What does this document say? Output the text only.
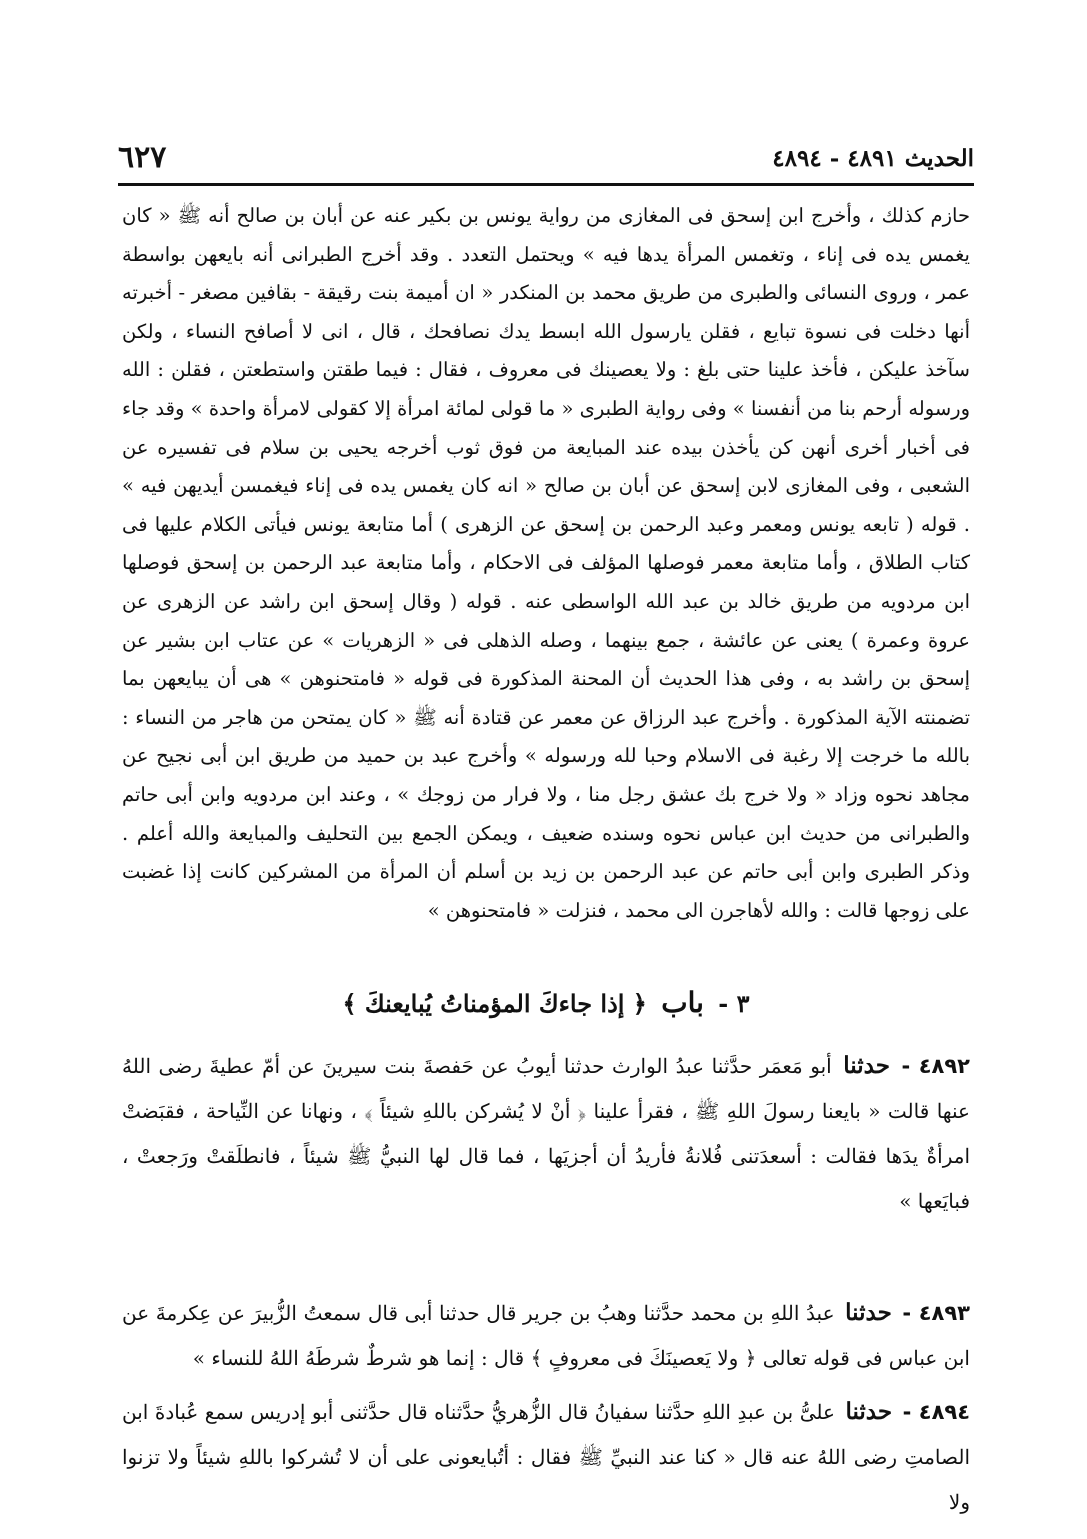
٦٢٧	الحديث ٤٨٩١ - ٤٨٩٤

حازم كذلك ، وأخرج ابن إسحق فى المغازى من رواية يونس بن بكير عنه عن أبان بن صالح أنه ﷺ « كان يغمس يده فى إناء ، وتغمس المرأة يدها فيه » ويحتمل التعدد . وقد أخرج الطبرانى أنه بايعهن بواسطة عمر ، وروى النسائى والطبرى من طريق محمد بن المنكدر « ان أميمة بنت رقيقة - بقافين مصغر - أخبرته أنها دخلت فى نسوة تبايع ، فقلن يارسول الله ابسط يدك نصافحك ، قال ، انى لا أصافح النساء ، ولكن سآخذ عليكن ، فأخذ علينا حتى بلغ : ولا يعصينك فى معروف ، فقال : فيما طقتن واستطعتن ، فقلن : الله ورسوله أرحم بنا من أنفسنا » وفى رواية الطبرى « ما قولى لمائة امرأة إلا كقولى لامرأة واحدة » وقد جاء فى أخبار أخرى أنهن كن يأخذن بيده عند المبايعة من فوق ثوب أخرجه يحيى بن سلام فى تفسيره عن الشعبى ، وفى المغازى لابن إسحق عن أبان بن صالح « انه كان يغمس يده فى إناء فيغمسن أيديهن فيه » . قوله ( تابعه يونس ومعمر وعبد الرحمن بن إسحق عن الزهرى ) أما متابعة يونس فيأتى الكلام عليها فى كتاب الطلاق ، وأما متابعة معمر فوصلها المؤلف فى الاحكام ، وأما متابعة عبد الرحمن بن إسحق فوصلها ابن مردويه من طريق خالد بن عبد الله الواسطى عنه . قوله ( وقال إسحق ابن راشد عن الزهرى عن عروة وعمرة ) يعنى عن عائشة ، جمع بينهما ، وصله الذهلى فى « الزهريات » عن عتاب ابن بشير عن إسحق بن راشد به ، وفى هذا الحديث أن المحنة المذكورة فى قوله « فامتحنوهن » هى أن يبايعهن بما تضمنته الآية المذكورة . وأخرج عبد الرزاق عن معمر عن قتادة أنه ﷺ « كان يمتحن من هاجر من النساء : بالله ما خرجت إلا رغبة فى الاسلام وحبا لله ورسوله » وأخرج عبد بن حميد من طريق ابن أبى نجيح عن مجاهد نحوه وزاد « ولا خرج بك عشق رجل منا ، ولا فرار من زوجك » ، وعند ابن مردويه وابن أبى حاتم والطبرانى من حديث ابن عباس نحوه وسنده ضعيف ، ويمكن الجمع بين التحليف والمبايعة والله أعلم . وذكر الطبرى وابن أبى حاتم عن عبد الرحمن بن زيد بن أسلم أن المرأة من المشركين كانت إذا غضبت على زوجها قالت : والله لأهاجرن الى محمد ، فنزلت « فامتحنوهن »

٣ - باب ﴿ إذا جاءكَ المؤمناتُ يُبايعنكَ ﴾
٤٨٩٢ - حدثنا أبو مَعمَر حدَّثنا عبدُ الوارث حدثنا أيوبُ عن حَفصةَ بنت سيرينَ عن أمّ عطيةَ رضى اللهُ عنها قالت « بايعنا رسولَ اللهِ ﷺ ، فقرأ علينا ﴿ أنْ لا يُشركن باللهِ شيئاً ﴾ ، ونهانا عن النِّياحة ، فقبَضتْ امرأةٌ يدَها فقالت : أسعدَتنى فُلانةُ فأريدُ أن أجزيَها ، فما قال لها النبيُّ ﷺ شيئاً ، فانطلَقتْ ورَجعتْ ، فبايَعها »
٤٨٩٣ - حدثنا عبدُ اللهِ بن محمد حدَّثنا وهبُ بن جرير قال حدثنا أبى قال سمعتُ الزُّبيرَ عن عِكرمةَ عن ابن عباس فى قوله تعالى ﴿ ولا يَعصينَكَ فى معروفٍ ﴾ قال : إنما هو شرطٌ شرطَهُ اللهُ للنساء »
٤٨٩٤ - حدثنا علىُّ بن عبدِ اللهِ حدَّثنا سفيانُ قال الزُّهريُّ حدَّثناه قال حدَّثنى أبو إدريس سمع عُبادةَ ابن الصامتِ رضى اللهُ عنه قال « كنا عند النبيِّ ﷺ فقال : أتُبايعونى على أن لا تُشركوا باللهِ شيئاً ولا تزنوا ولا
